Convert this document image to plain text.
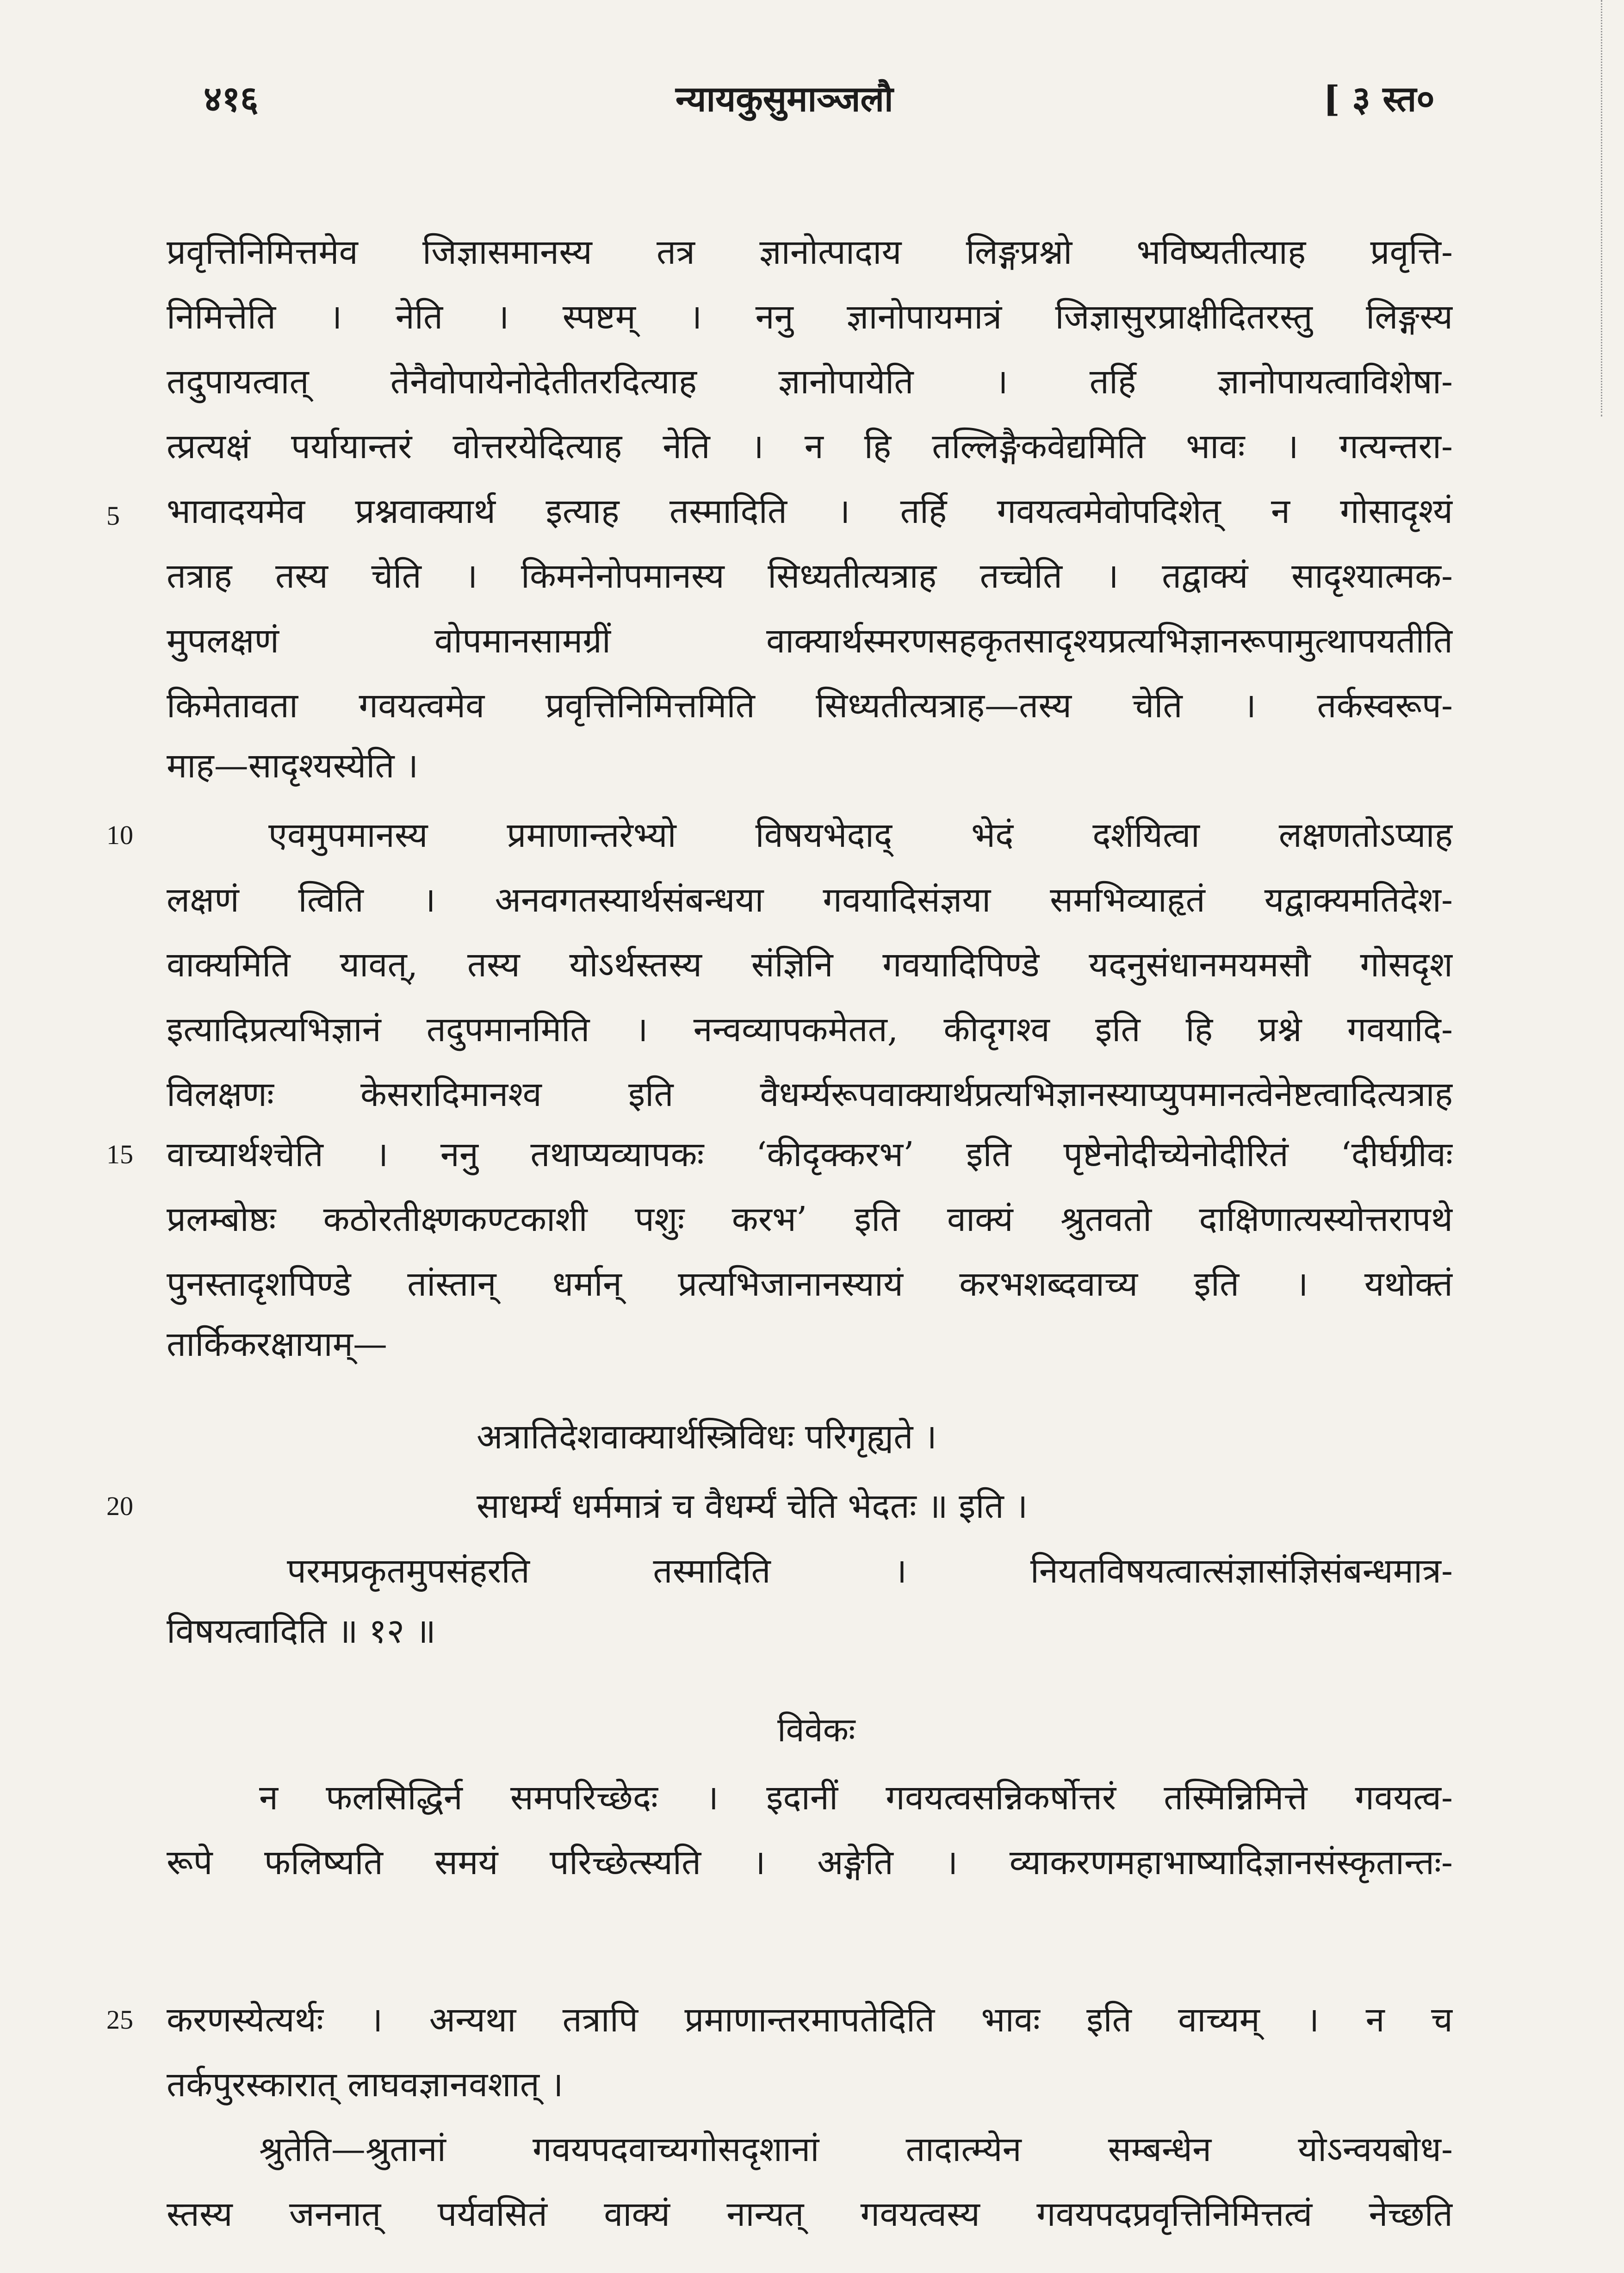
४१६	न्यायकुसुमाञ्जलौ	[ ३ स्त०
5
10
15
20
25
प्रवृत्तिनिमित्तमेव जिज्ञासमानस्य तत्र ज्ञानोत्पादाय लिङ्गप्रश्नो भविष्यतीत्याह प्रवृत्ति-
निमित्तेति । नेति । स्पष्टम् । ननु ज्ञानोपायमात्रं जिज्ञासुरप्राक्षीदितरस्तु लिङ्गस्य
तदुपायत्वात् तेनैवोपायेनोदेतीतरदित्याह ज्ञानोपायेति । तर्हि ज्ञानोपायत्वाविशेषा-
त्प्रत्यक्षं पर्यायान्तरं वोत्तरयेदित्याह नेति । न हि तल्लिङ्गैकवेद्यमिति भावः । गत्यन्तरा-
भावादयमेव प्रश्नवाक्यार्थ इत्याह तस्मादिति । तर्हि गवयत्वमेवोपदिशेत् न गोसादृश्यं
तत्राह तस्य चेति । किमनेनोपमानस्य सिध्यतीत्यत्राह तच्चेति । तद्वाक्यं सादृश्यात्मक-
मुपलक्षणं वोपमानसामग्रीं वाक्यार्थस्मरणसहकृतसादृश्यप्रत्यभिज्ञानरूपामुत्थापयतीति
किमेतावता गवयत्वमेव प्रवृत्तिनिमित्तमिति सिध्यतीत्यत्राह—तस्य चेति । तर्कस्वरूप-
माह—सादृश्यस्येति ।
एवमुपमानस्य प्रमाणान्तरेभ्यो विषयभेदाद् भेदं दर्शयित्वा लक्षणतोऽप्याह
लक्षणं त्विति । अनवगतस्यार्थसंबन्धया गवयादिसंज्ञया समभिव्याहृतं यद्वाक्यमतिदेश-
वाक्यमिति यावत्, तस्य योऽर्थस्तस्य संज्ञिनि गवयादिपिण्डे यदनुसंधानमयमसौ गोसदृश
इत्यादिप्रत्यभिज्ञानं तदुपमानमिति । नन्वव्यापकमेतत, कीदृगश्व इति हि प्रश्ने गवयादि-
विलक्षणः केसरादिमानश्व इति वैधर्म्यरूपवाक्यार्थप्रत्यभिज्ञानस्याप्युपमानत्वेनेष्टत्वादित्यत्राह
वाच्यार्थश्चेति । ननु तथाप्यव्यापकः ‘कीदृक्करभ’ इति पृष्टेनोदीच्येनोदीरितं ‘दीर्घग्रीवः
प्रलम्बोष्ठः कठोरतीक्ष्णकण्टकाशी पशुः करभ’ इति वाक्यं श्रुतवतो दाक्षिणात्यस्योत्तरापथे
पुनस्तादृशपिण्डे तांस्तान् धर्मान् प्रत्यभिजानानस्यायं करभशब्दवाच्य इति । यथोक्तं
तार्किकरक्षायाम्—
अत्रातिदेशवाक्यार्थस्त्रिविधः परिगृह्यते ।
साधर्म्यं धर्ममात्रं च वैधर्म्यं चेति भेदतः ॥ इति ।
परमप्रकृतमुपसंहरति तस्मादिति । नियतविषयत्वात्संज्ञासंज्ञिसंबन्धमात्र-
विषयत्वादिति ॥ १२ ॥
विवेकः
न फलसिद्धिर्न समपरिच्छेदः । इदानीं गवयत्वसन्निकर्षोत्तरं तस्मिन्निमित्ते गवयत्व-
रूपे फलिष्यति समयं परिच्छेत्स्यति । अङ्गेति । व्याकरणमहाभाष्यादिज्ञानसंस्कृतान्तः-
करणस्येत्यर्थः । अन्यथा तत्रापि प्रमाणान्तरमापतेदिति भावः इति वाच्यम् । न च
तर्कपुरस्कारात् लाघवज्ञानवशात् ।
श्रुतेति—श्रुतानां गवयपदवाच्यगोसदृशानां तादात्म्येन सम्बन्धेन योऽन्वयबोध-
स्तस्य जननात् पर्यवसितं वाक्यं नान्यत् गवयत्वस्य गवयपदप्रवृत्तिनिमित्तत्वं नेच्छति
